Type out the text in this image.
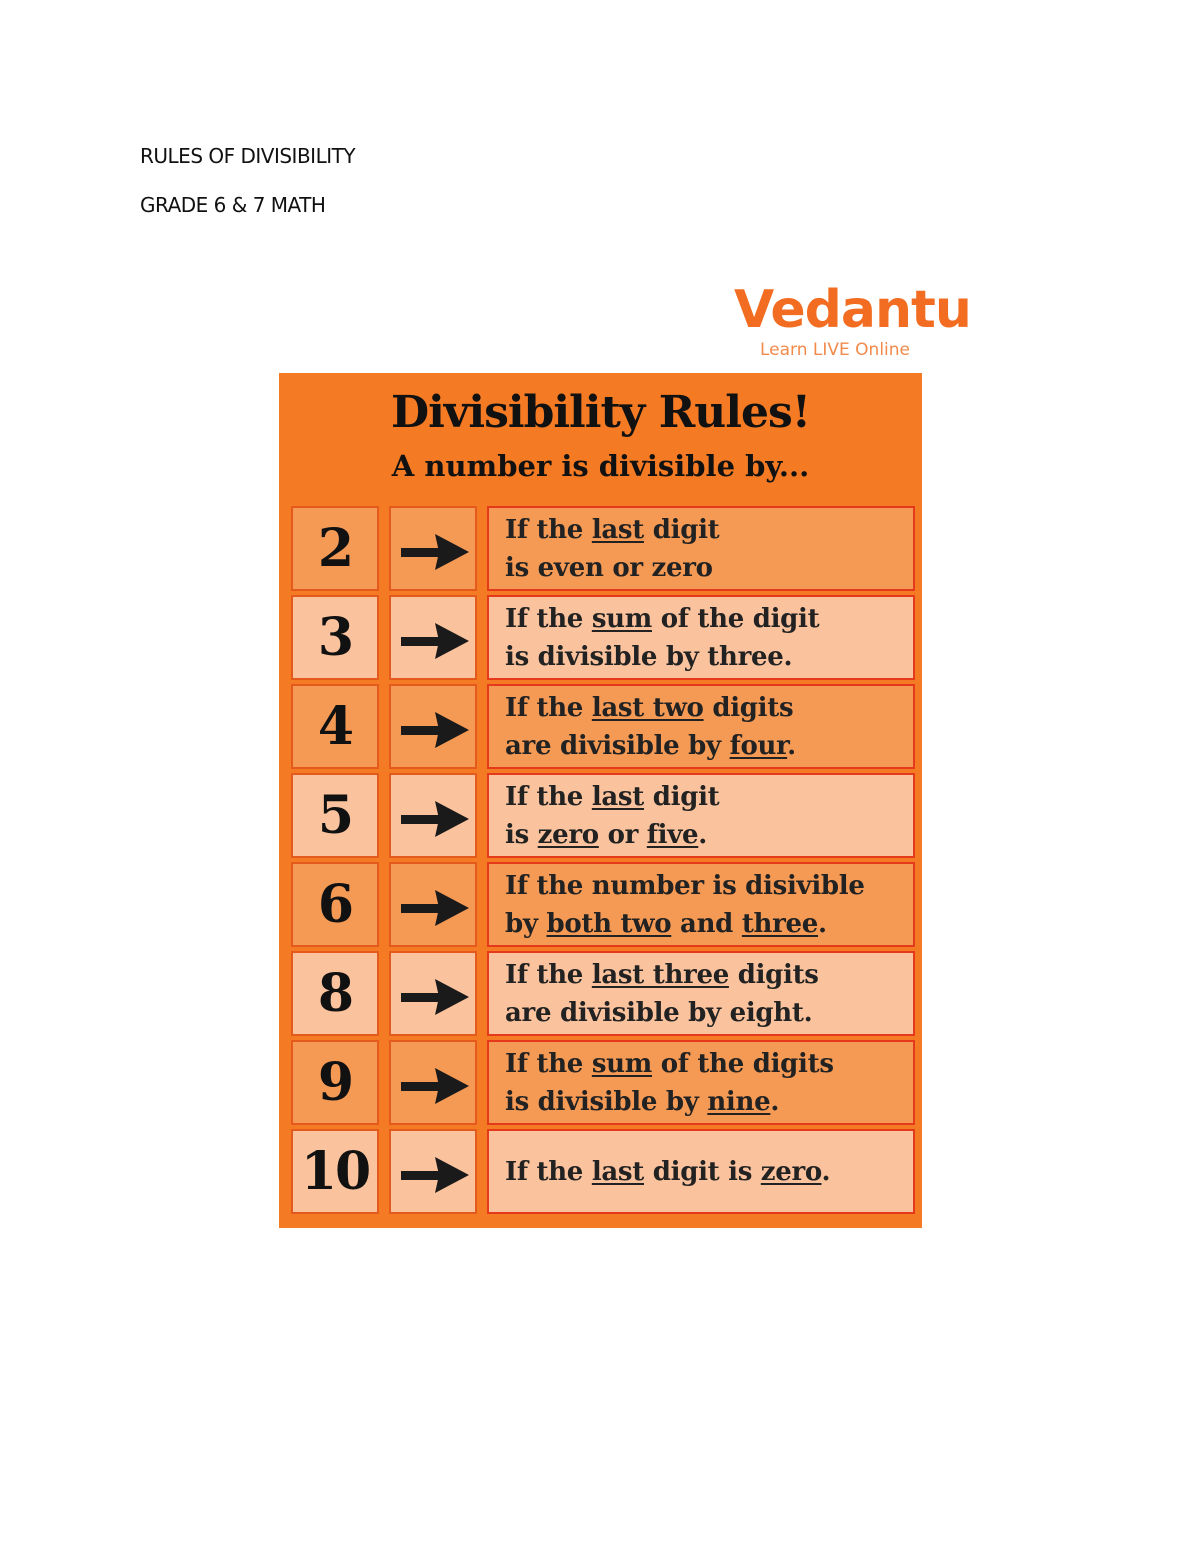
RULES OF DIVISIBILITY
GRADE 6 & 7 MATH
Vedantu
Learn LIVE Online
Divisibility Rules!
A number is divisible by...
2	If the last digit
is even or zero
3	If the sum of the digit
is divisible by three.
4	If the last two digits
are divisible by four.
5	If the last digit
is zero or five.
6	If the number is disivible
by both two and three.
8	If the last three digits
are divisible by eight.
9	If the sum of the digits
is divisible by nine.
10	If the last digit is zero.
